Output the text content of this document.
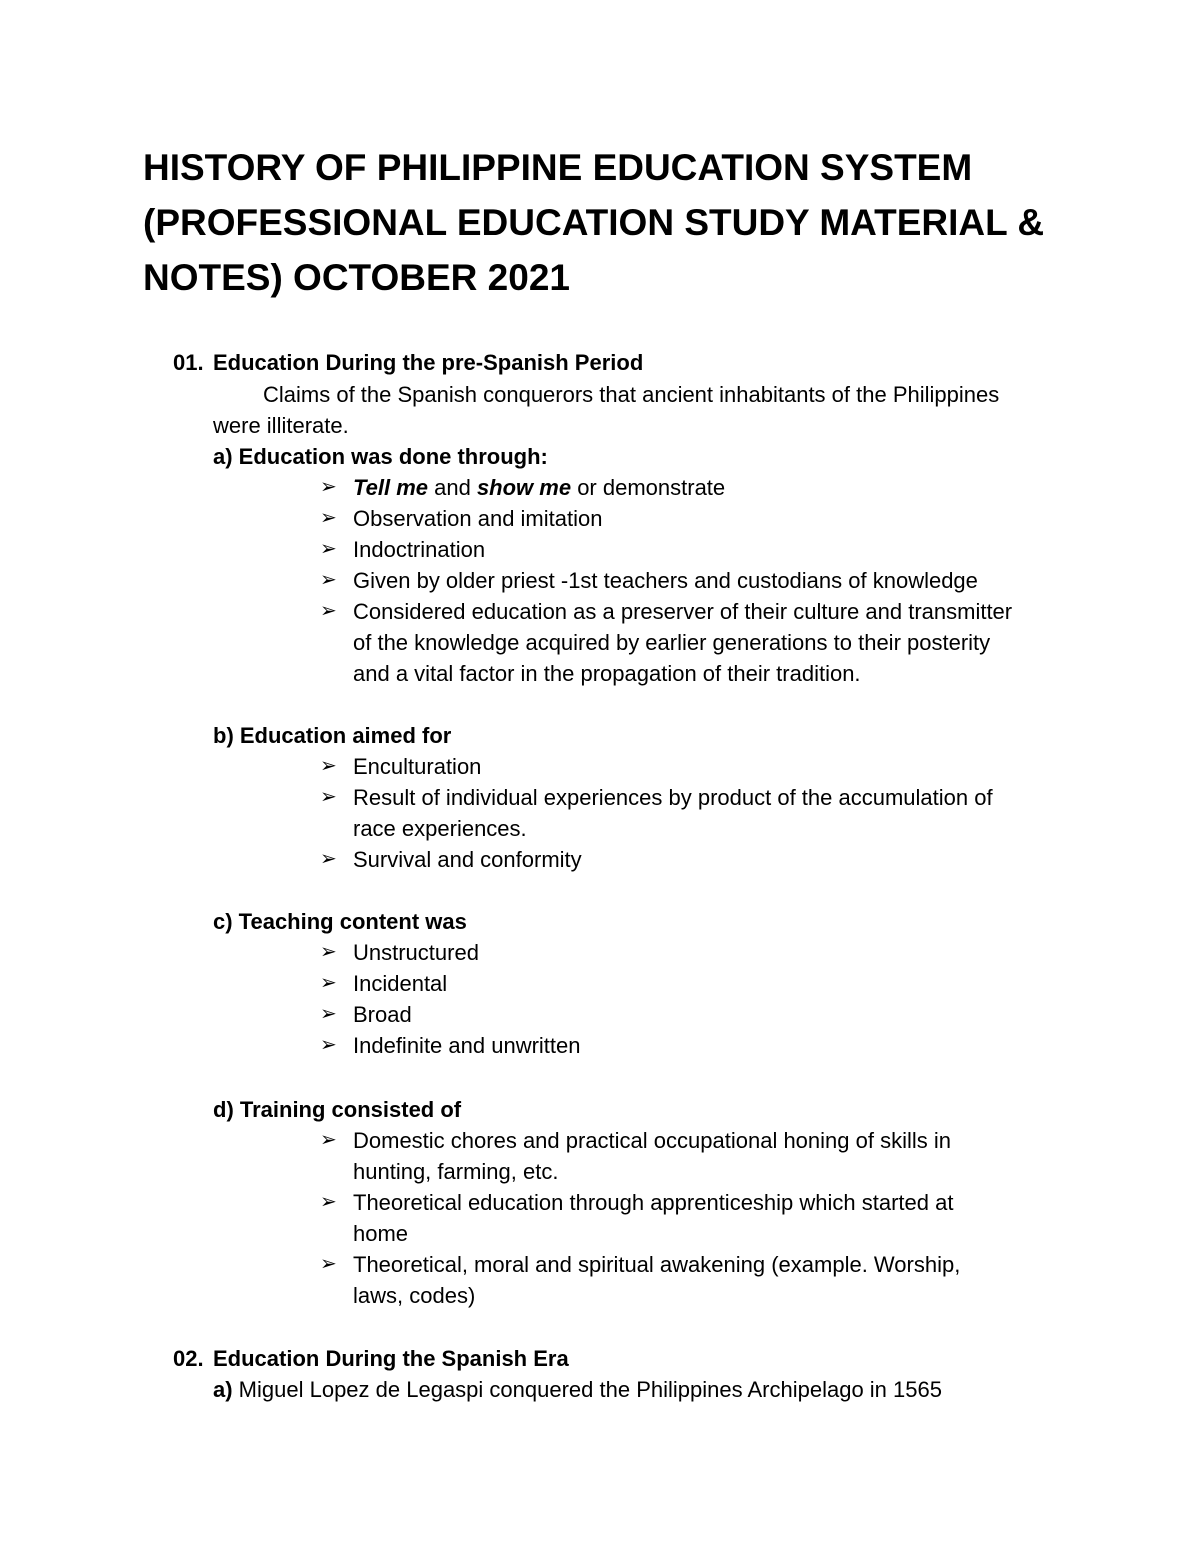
HISTORY OF PHILIPPINE EDUCATION SYSTEM (PROFESSIONAL EDUCATION STUDY MATERIAL & NOTES) OCTOBER 2021
01. Education During the pre-Spanish Period
Claims of the Spanish conquerors that ancient inhabitants of the Philippines
were illiterate.
a) Education was done through:
➢ Tell me and show me or demonstrate
➢ Observation and imitation
➢ Indoctrination
➢ Given by older priest -1st teachers and custodians of knowledge
➢ Considered education as a preserver of their culture and transmitter
of the knowledge acquired by earlier generations to their posterity
and a vital factor in the propagation of their tradition.
b) Education aimed for
➢ Enculturation
➢ Result of individual experiences by product of the accumulation of
race experiences.
➢ Survival and conformity
c) Teaching content was
➢ Unstructured
➢ Incidental
➢ Broad
➢ Indefinite and unwritten
d) Training consisted of
➢ Domestic chores and practical occupational honing of skills in
hunting, farming, etc.
➢ Theoretical education through apprenticeship which started at
home
➢ Theoretical, moral and spiritual awakening (example. Worship,
laws, codes)
02. Education During the Spanish Era
a) Miguel Lopez de Legaspi conquered the Philippines Archipelago in 1565
